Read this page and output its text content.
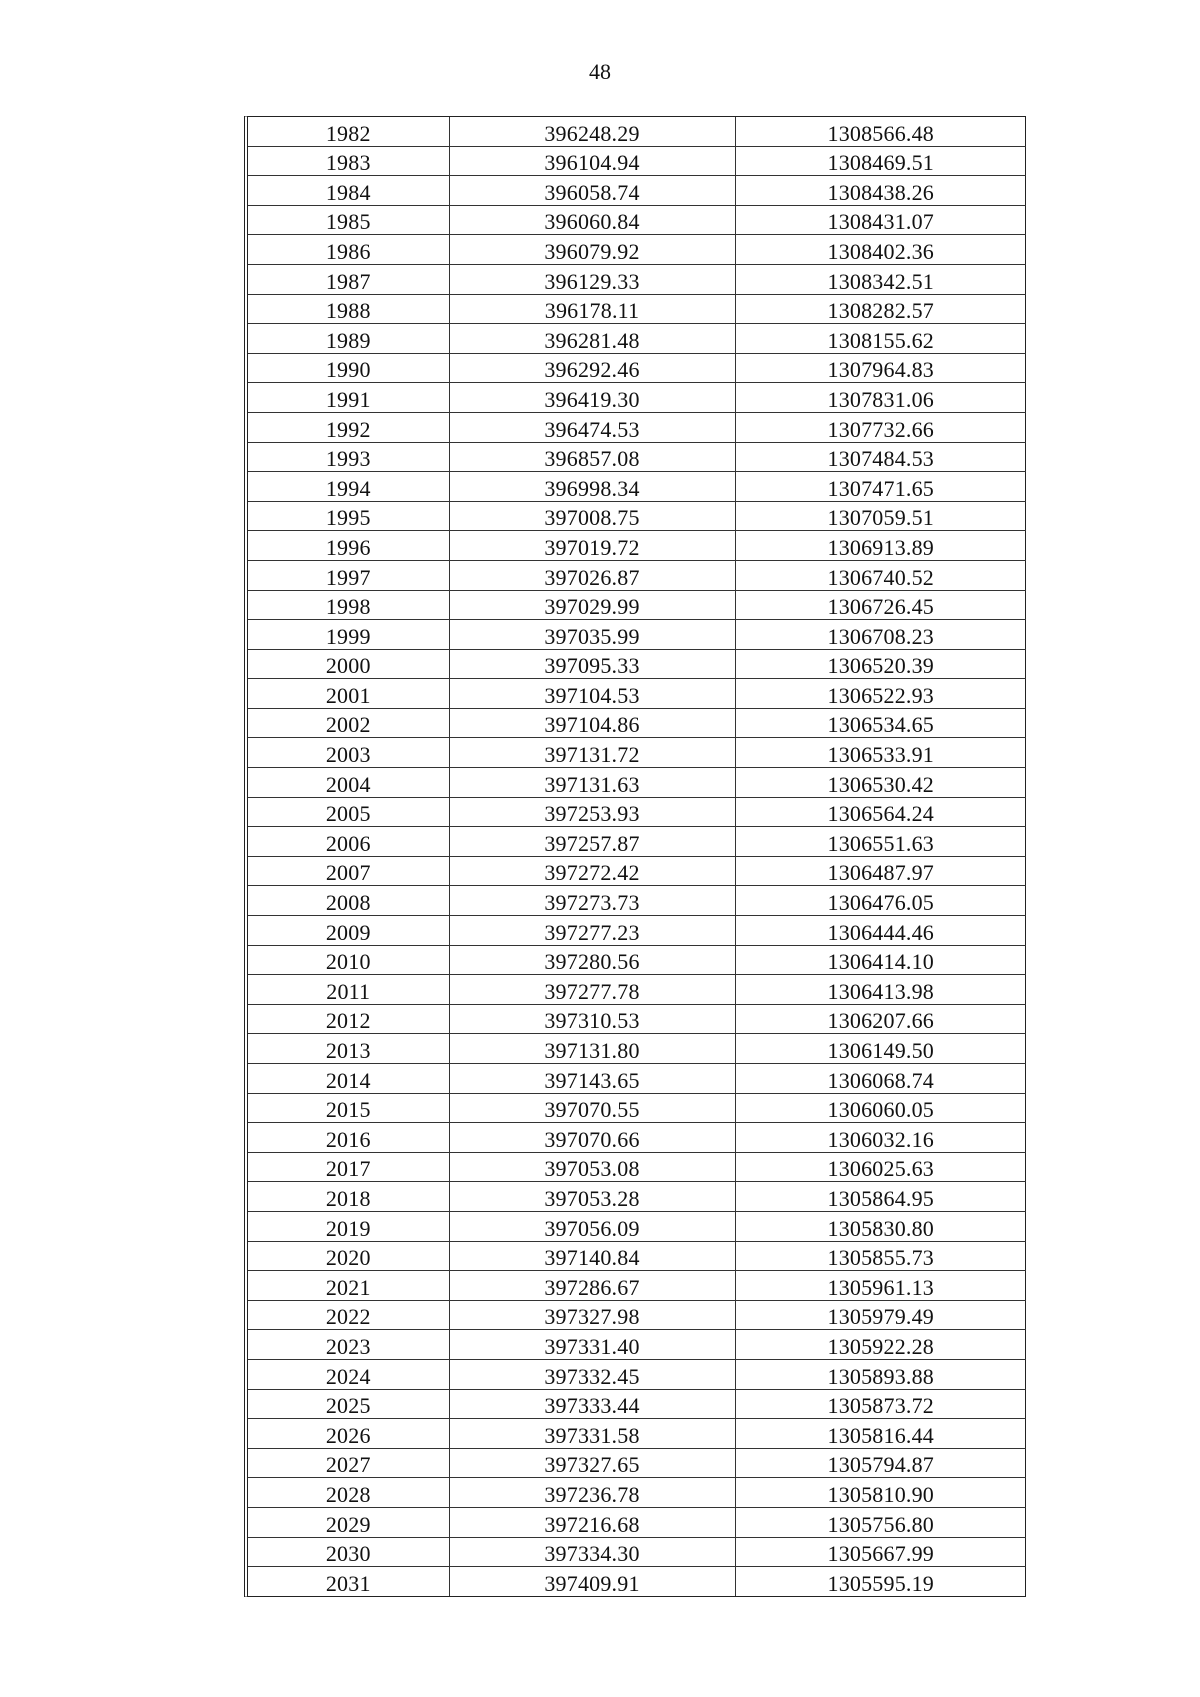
48
1982	396248.29	1308566.48
1983	396104.94	1308469.51
1984	396058.74	1308438.26
1985	396060.84	1308431.07
1986	396079.92	1308402.36
1987	396129.33	1308342.51
1988	396178.11	1308282.57
1989	396281.48	1308155.62
1990	396292.46	1307964.83
1991	396419.30	1307831.06
1992	396474.53	1307732.66
1993	396857.08	1307484.53
1994	396998.34	1307471.65
1995	397008.75	1307059.51
1996	397019.72	1306913.89
1997	397026.87	1306740.52
1998	397029.99	1306726.45
1999	397035.99	1306708.23
2000	397095.33	1306520.39
2001	397104.53	1306522.93
2002	397104.86	1306534.65
2003	397131.72	1306533.91
2004	397131.63	1306530.42
2005	397253.93	1306564.24
2006	397257.87	1306551.63
2007	397272.42	1306487.97
2008	397273.73	1306476.05
2009	397277.23	1306444.46
2010	397280.56	1306414.10
2011	397277.78	1306413.98
2012	397310.53	1306207.66
2013	397131.80	1306149.50
2014	397143.65	1306068.74
2015	397070.55	1306060.05
2016	397070.66	1306032.16
2017	397053.08	1306025.63
2018	397053.28	1305864.95
2019	397056.09	1305830.80
2020	397140.84	1305855.73
2021	397286.67	1305961.13
2022	397327.98	1305979.49
2023	397331.40	1305922.28
2024	397332.45	1305893.88
2025	397333.44	1305873.72
2026	397331.58	1305816.44
2027	397327.65	1305794.87
2028	397236.78	1305810.90
2029	397216.68	1305756.80
2030	397334.30	1305667.99
2031	397409.91	1305595.19
